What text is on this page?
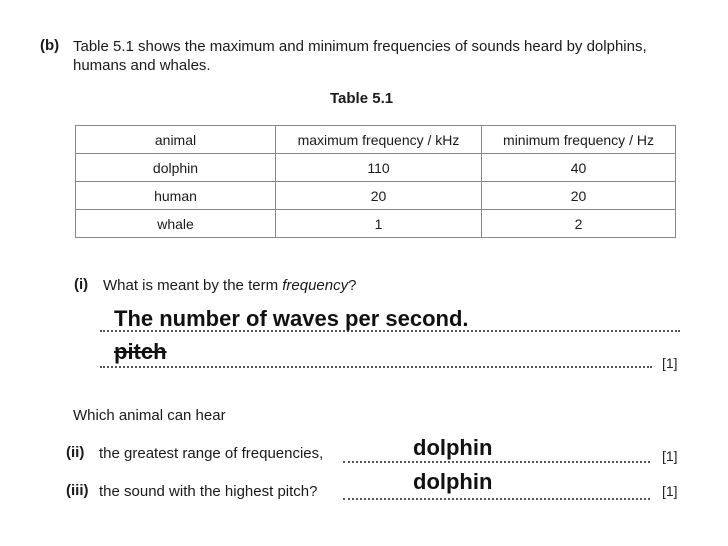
(b) Table 5.1 shows the maximum and minimum frequencies of sounds heard by dolphins,
humans and whales.
Table 5.1
animal	maximum frequency / kHz	minimum frequency / Hz
dolphin	110	40
human	20	20
whale	1	2
(i) What is meant by the term frequency?
The number of waves per second.
pitch	[1]
Which animal can hear
(ii) the greatest range of frequencies,	dolphin	[1]
(iii) the sound with the highest pitch?	dolphin	[1]
